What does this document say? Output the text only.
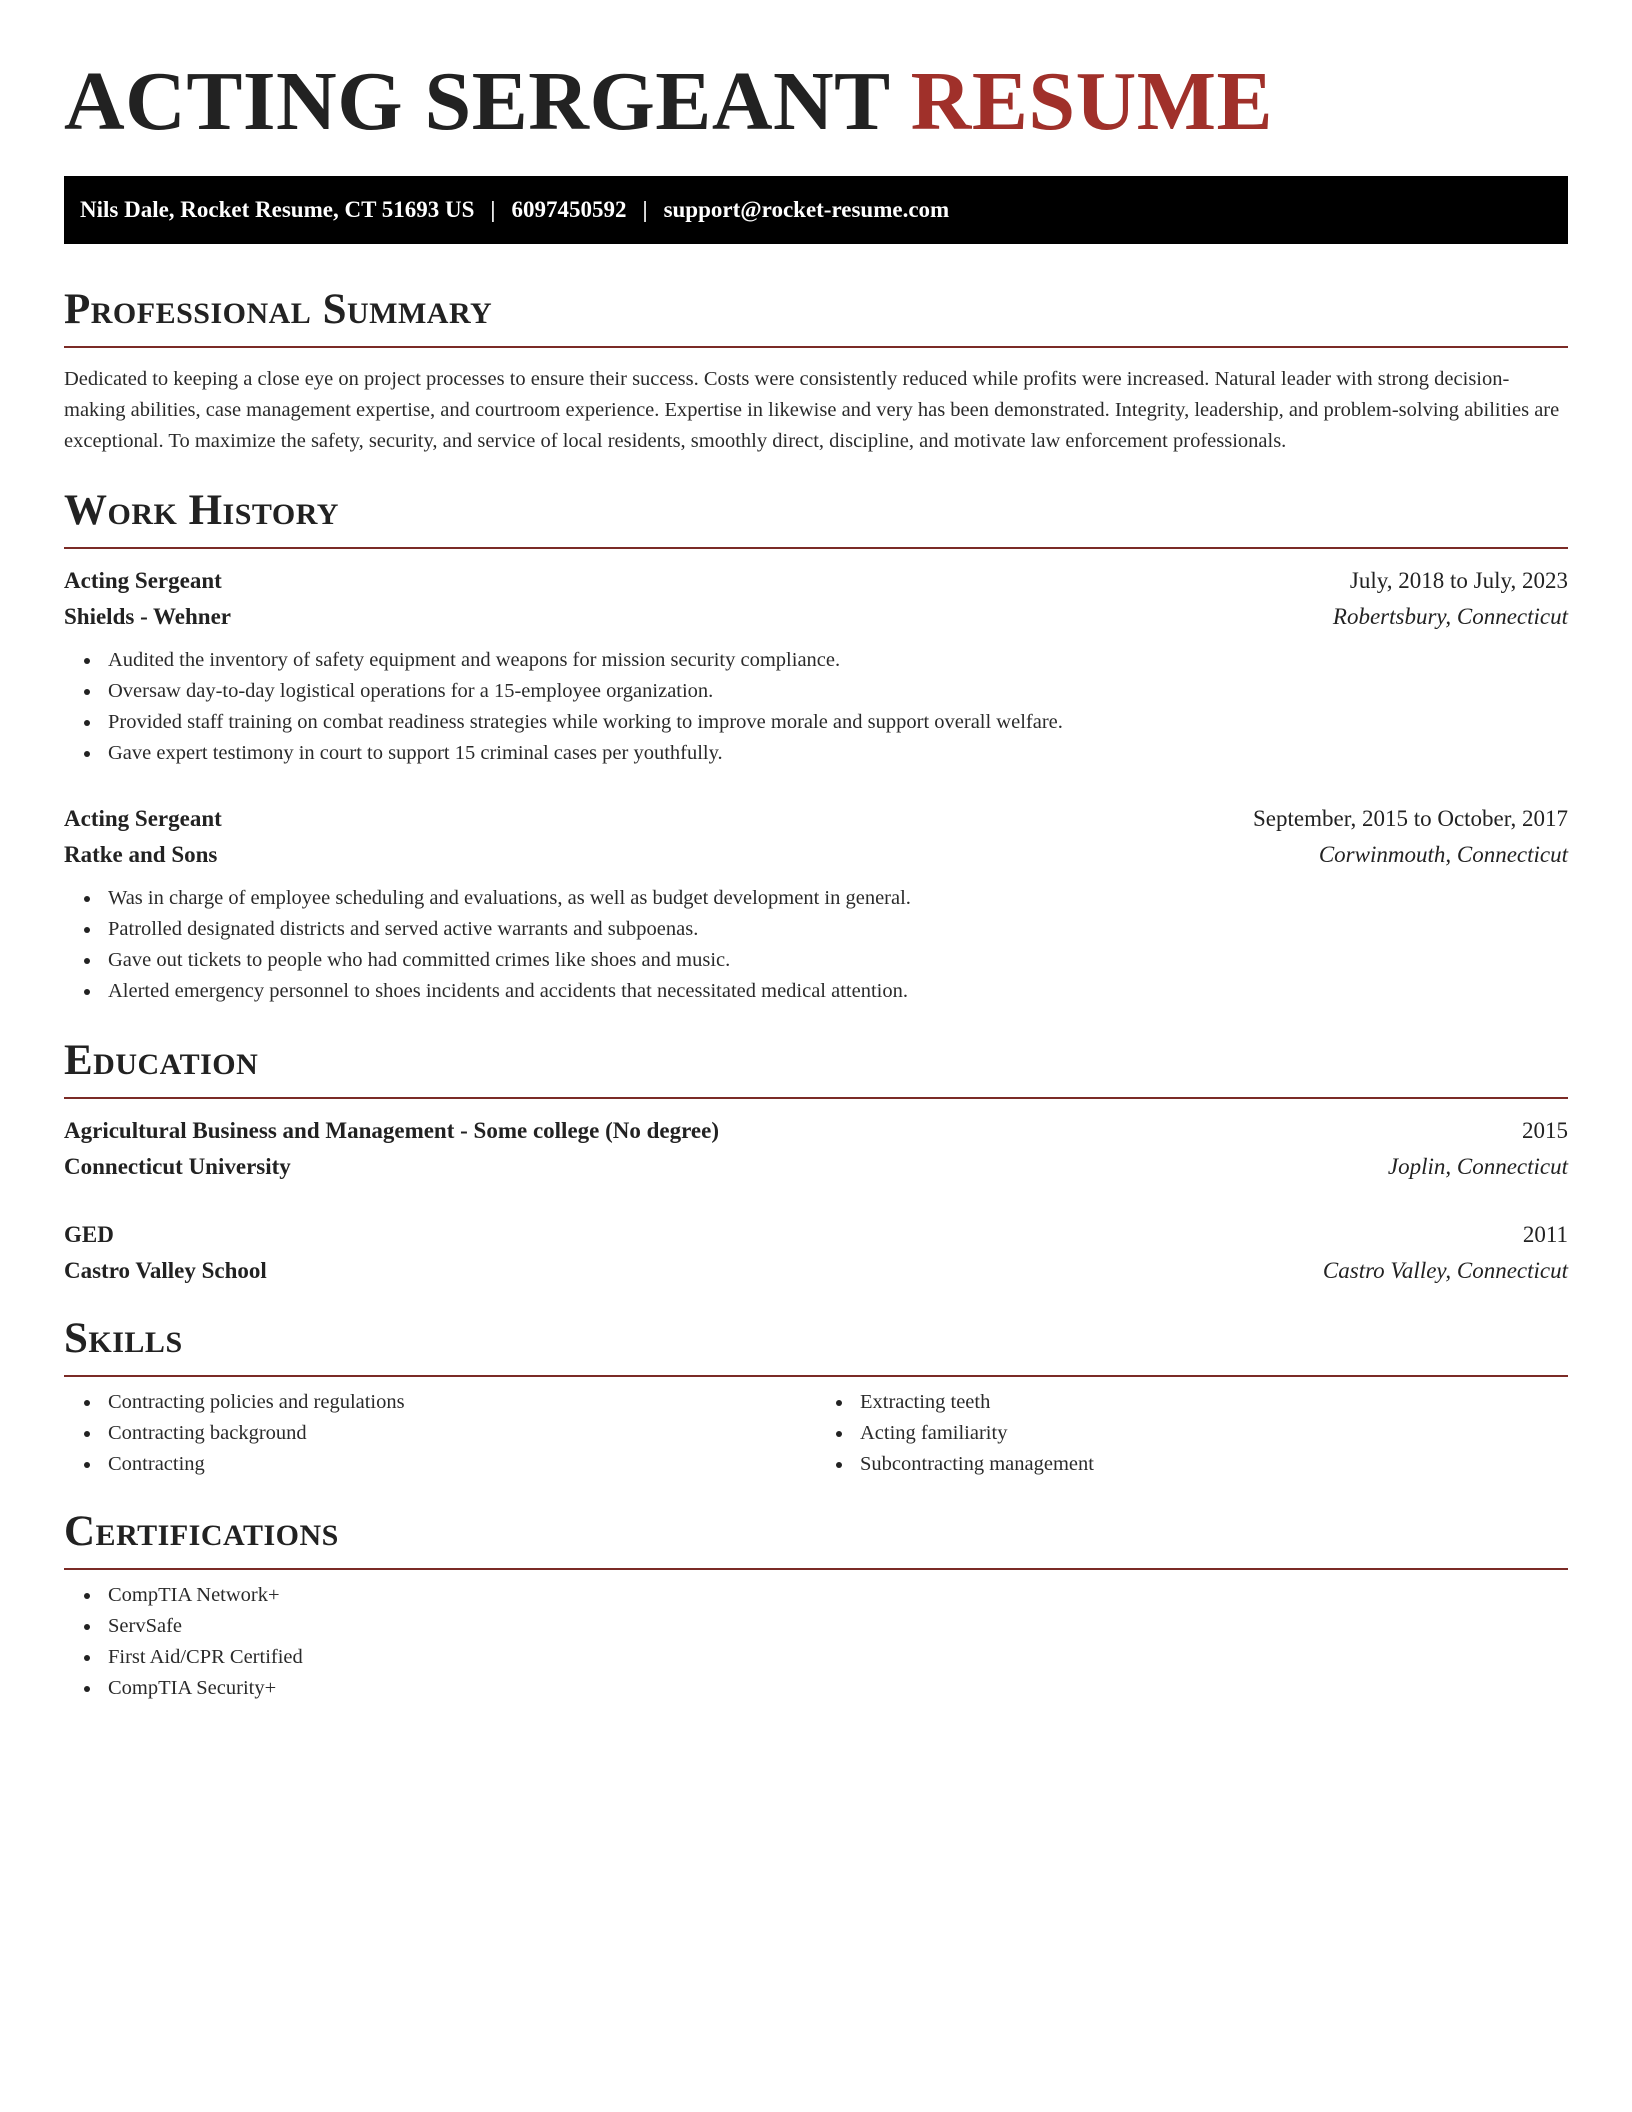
ACTING SERGEANT RESUME
Nils Dale, Rocket Resume, CT 51693 US | 6097450592 | support@rocket-resume.com
Professional Summary

Dedicated to keeping a close eye on project processes to ensure their success. Costs were consistently reduced while profits were increased. Natural leader with strong decision-making abilities, case management expertise, and courtroom experience. Expertise in likewise and very has been demonstrated. Integrity, leadership, and problem-solving abilities are exceptional. To maximize the safety, security, and service of local residents, smoothly direct, discipline, and motivate law enforcement professionals.

Work History
Acting Sergeant	July, 2018 to July, 2023
Shields - Wehner	Robertsbury, Connecticut
Audited the inventory of safety equipment and weapons for mission security compliance.
Oversaw day-to-day logistical operations for a 15-employee organization.
Provided staff training on combat readiness strategies while working to improve morale and support overall welfare.
Gave expert testimony in court to support 15 criminal cases per youthfully.
Acting Sergeant	September, 2015 to October, 2017
Ratke and Sons	Corwinmouth, Connecticut
Was in charge of employee scheduling and evaluations, as well as budget development in general.
Patrolled designated districts and served active warrants and subpoenas.
Gave out tickets to people who had committed crimes like shoes and music.
Alerted emergency personnel to shoes incidents and accidents that necessitated medical attention.
Education
Agricultural Business and Management - Some college (No degree)	2015
Connecticut University	Joplin, Connecticut
GED	2011
Castro Valley School	Castro Valley, Connecticut
Skills
Contracting policies and regulations
Contracting background
Contracting
Extracting teeth
Acting familiarity
Subcontracting management
Certifications
CompTIA Network+
ServSafe
First Aid/CPR Certified
CompTIA Security+
